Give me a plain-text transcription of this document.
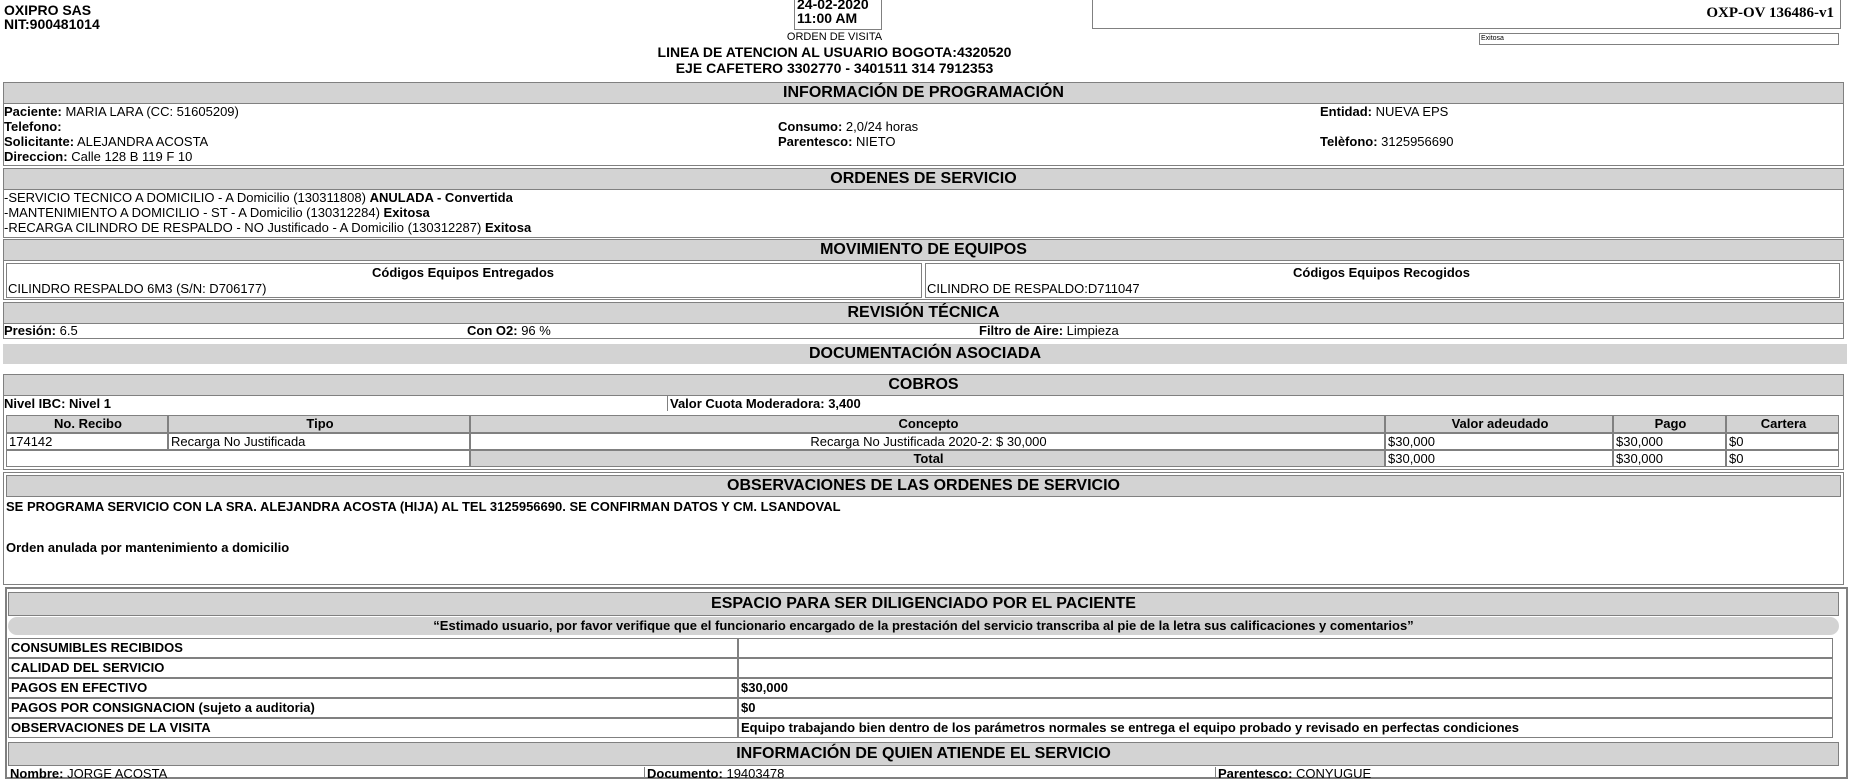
OXIPRO SAS
NIT:900481014
24-02-2020
11:00 AM
ORDEN DE VISITA
LINEA DE ATENCION AL USUARIO BOGOTA:4320520
EJE CAFETERO 3302770 - 3401511 314 7912353
OXP-OV 136486-v1
Exitosa
INFORMACIÓN DE PROGRAMACIÓN
Paciente: MARIA LARA (CC: 51605209)
Telefono:
Solicitante: ALEJANDRA ACOSTA
Direccion: Calle 128 B 119 F 10
Consumo: 2,0/24 horas
Parentesco: NIETO
Entidad: NUEVA EPS
Telèfono: 3125956690
ORDENES DE SERVICIO
-SERVICIO TECNICO A DOMICILIO - A Domicilio (130311808) ANULADA - Convertida
-MANTENIMIENTO A DOMICILIO - ST - A Domicilio (130312284) Exitosa
-RECARGA CILINDRO DE RESPALDO - NO Justificado - A Domicilio (130312287) Exitosa
MOVIMIENTO DE EQUIPOS
Códigos Equipos Entregados
CILINDRO RESPALDO 6M3 (S/N: D706177)
Códigos Equipos Recogidos
CILINDRO DE RESPALDO:D711047
REVISIÓN TÉCNICA
Presión: 6.5	Con O2: 96 %	Filtro de Aire: Limpieza
DOCUMENTACIÓN ASOCIADA
COBROS
Nivel IBC: Nivel 1	Valor Cuota Moderadora: 3,400
No. Recibo	Tipo	Concepto	Valor adeudado	Pago	Cartera
174142	Recarga No Justificada	Recarga No Justificada 2020-2: $ 30,000	$30,000	$30,000	$0
Total	$30,000	$30,000	$0
OBSERVACIONES DE LAS ORDENES DE SERVICIO
SE PROGRAMA SERVICIO CON LA SRA. ALEJANDRA ACOSTA (HIJA) AL TEL 3125956690. SE CONFIRMAN DATOS Y CM. LSANDOVAL
Orden anulada por mantenimiento a domicilio
ESPACIO PARA SER DILIGENCIADO POR EL PACIENTE
“Estimado usuario, por favor verifique que el funcionario encargado de la prestación del servicio transcriba al pie de la letra sus calificaciones y comentarios”
CONSUMIBLES RECIBIDOS
CALIDAD DEL SERVICIO
PAGOS EN EFECTIVO	$30,000
PAGOS POR CONSIGNACION (sujeto a auditoria)	$0
OBSERVACIONES DE LA VISITA	Equipo trabajando bien dentro de los parámetros normales se entrega el equipo probado y revisado en perfectas condiciones
INFORMACIÓN DE QUIEN ATIENDE EL SERVICIO
Nombre: JORGE ACOSTA	Documento: 19403478	Parentesco: CONYUGUE
